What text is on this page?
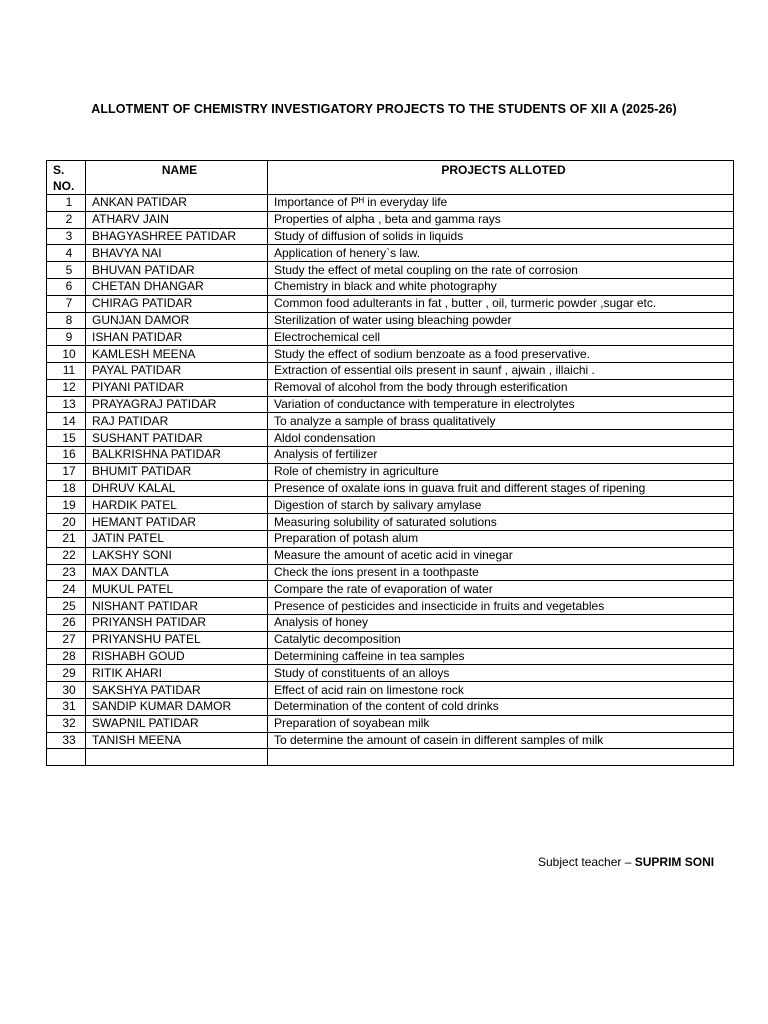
ALLOTMENT OF CHEMISTRY INVESTIGATORY PROJECTS TO THE STUDENTS OF XII A (2025-26)
S.
NO.	NAME	PROJECTS ALLOTED
1	ANKAN PATIDAR	Importance of Pᴴ in everyday life
2	ATHARV JAIN	Properties of alpha , beta and gamma rays
3	BHAGYASHREE PATIDAR	Study of diffusion of solids in liquids
4	BHAVYA NAI	Application of henery`s law.
5	BHUVAN PATIDAR	Study the effect of metal coupling on the rate of corrosion
6	CHETAN DHANGAR	Chemistry in black and white photography
7	CHIRAG PATIDAR	Common food adulterants in fat , butter , oil, turmeric powder ,sugar etc.
8	GUNJAN DAMOR	Sterilization of water using bleaching powder
9	ISHAN PATIDAR	Electrochemical cell
10	KAMLESH MEENA	Study the effect of sodium benzoate as a food preservative.
11	PAYAL PATIDAR	Extraction of essential oils present in saunf , ajwain , illaichi .
12	PIYANI PATIDAR	Removal of alcohol from the body through esterification
13	PRAYAGRAJ PATIDAR	Variation of conductance with temperature in electrolytes
14	RAJ PATIDAR	To analyze a sample of brass qualitatively
15	SUSHANT PATIDAR	Aldol condensation
16	BALKRISHNA PATIDAR	Analysis of fertilizer
17	BHUMIT PATIDAR	Role of chemistry in agriculture
18	DHRUV KALAL	Presence of oxalate ions in guava fruit and different stages of ripening
19	HARDIK PATEL	Digestion of starch by salivary amylase
20	HEMANT PATIDAR	Measuring solubility of saturated solutions
21	JATIN PATEL	Preparation of potash alum
22	LAKSHY SONI	Measure the amount of acetic acid in vinegar
23	MAX DANTLA	Check the ions present in a toothpaste
24	MUKUL PATEL	Compare the rate of evaporation of water
25	NISHANT PATIDAR	Presence of pesticides and insecticide in fruits and vegetables
26	PRIYANSH PATIDAR	Analysis of honey
27	PRIYANSHU PATEL	Catalytic decomposition
28	RISHABH GOUD	Determining caffeine in tea samples
29	RITIK AHARI	Study of constituents of an alloys
30	SAKSHYA PATIDAR	Effect of acid rain on limestone rock
31	SANDIP KUMAR DAMOR	Determination of the content of cold drinks
32	SWAPNIL PATIDAR	Preparation of soyabean milk
33	TANISH MEENA	To determine the amount of casein in different samples of milk

Subject teacher – SUPRIM SONI
